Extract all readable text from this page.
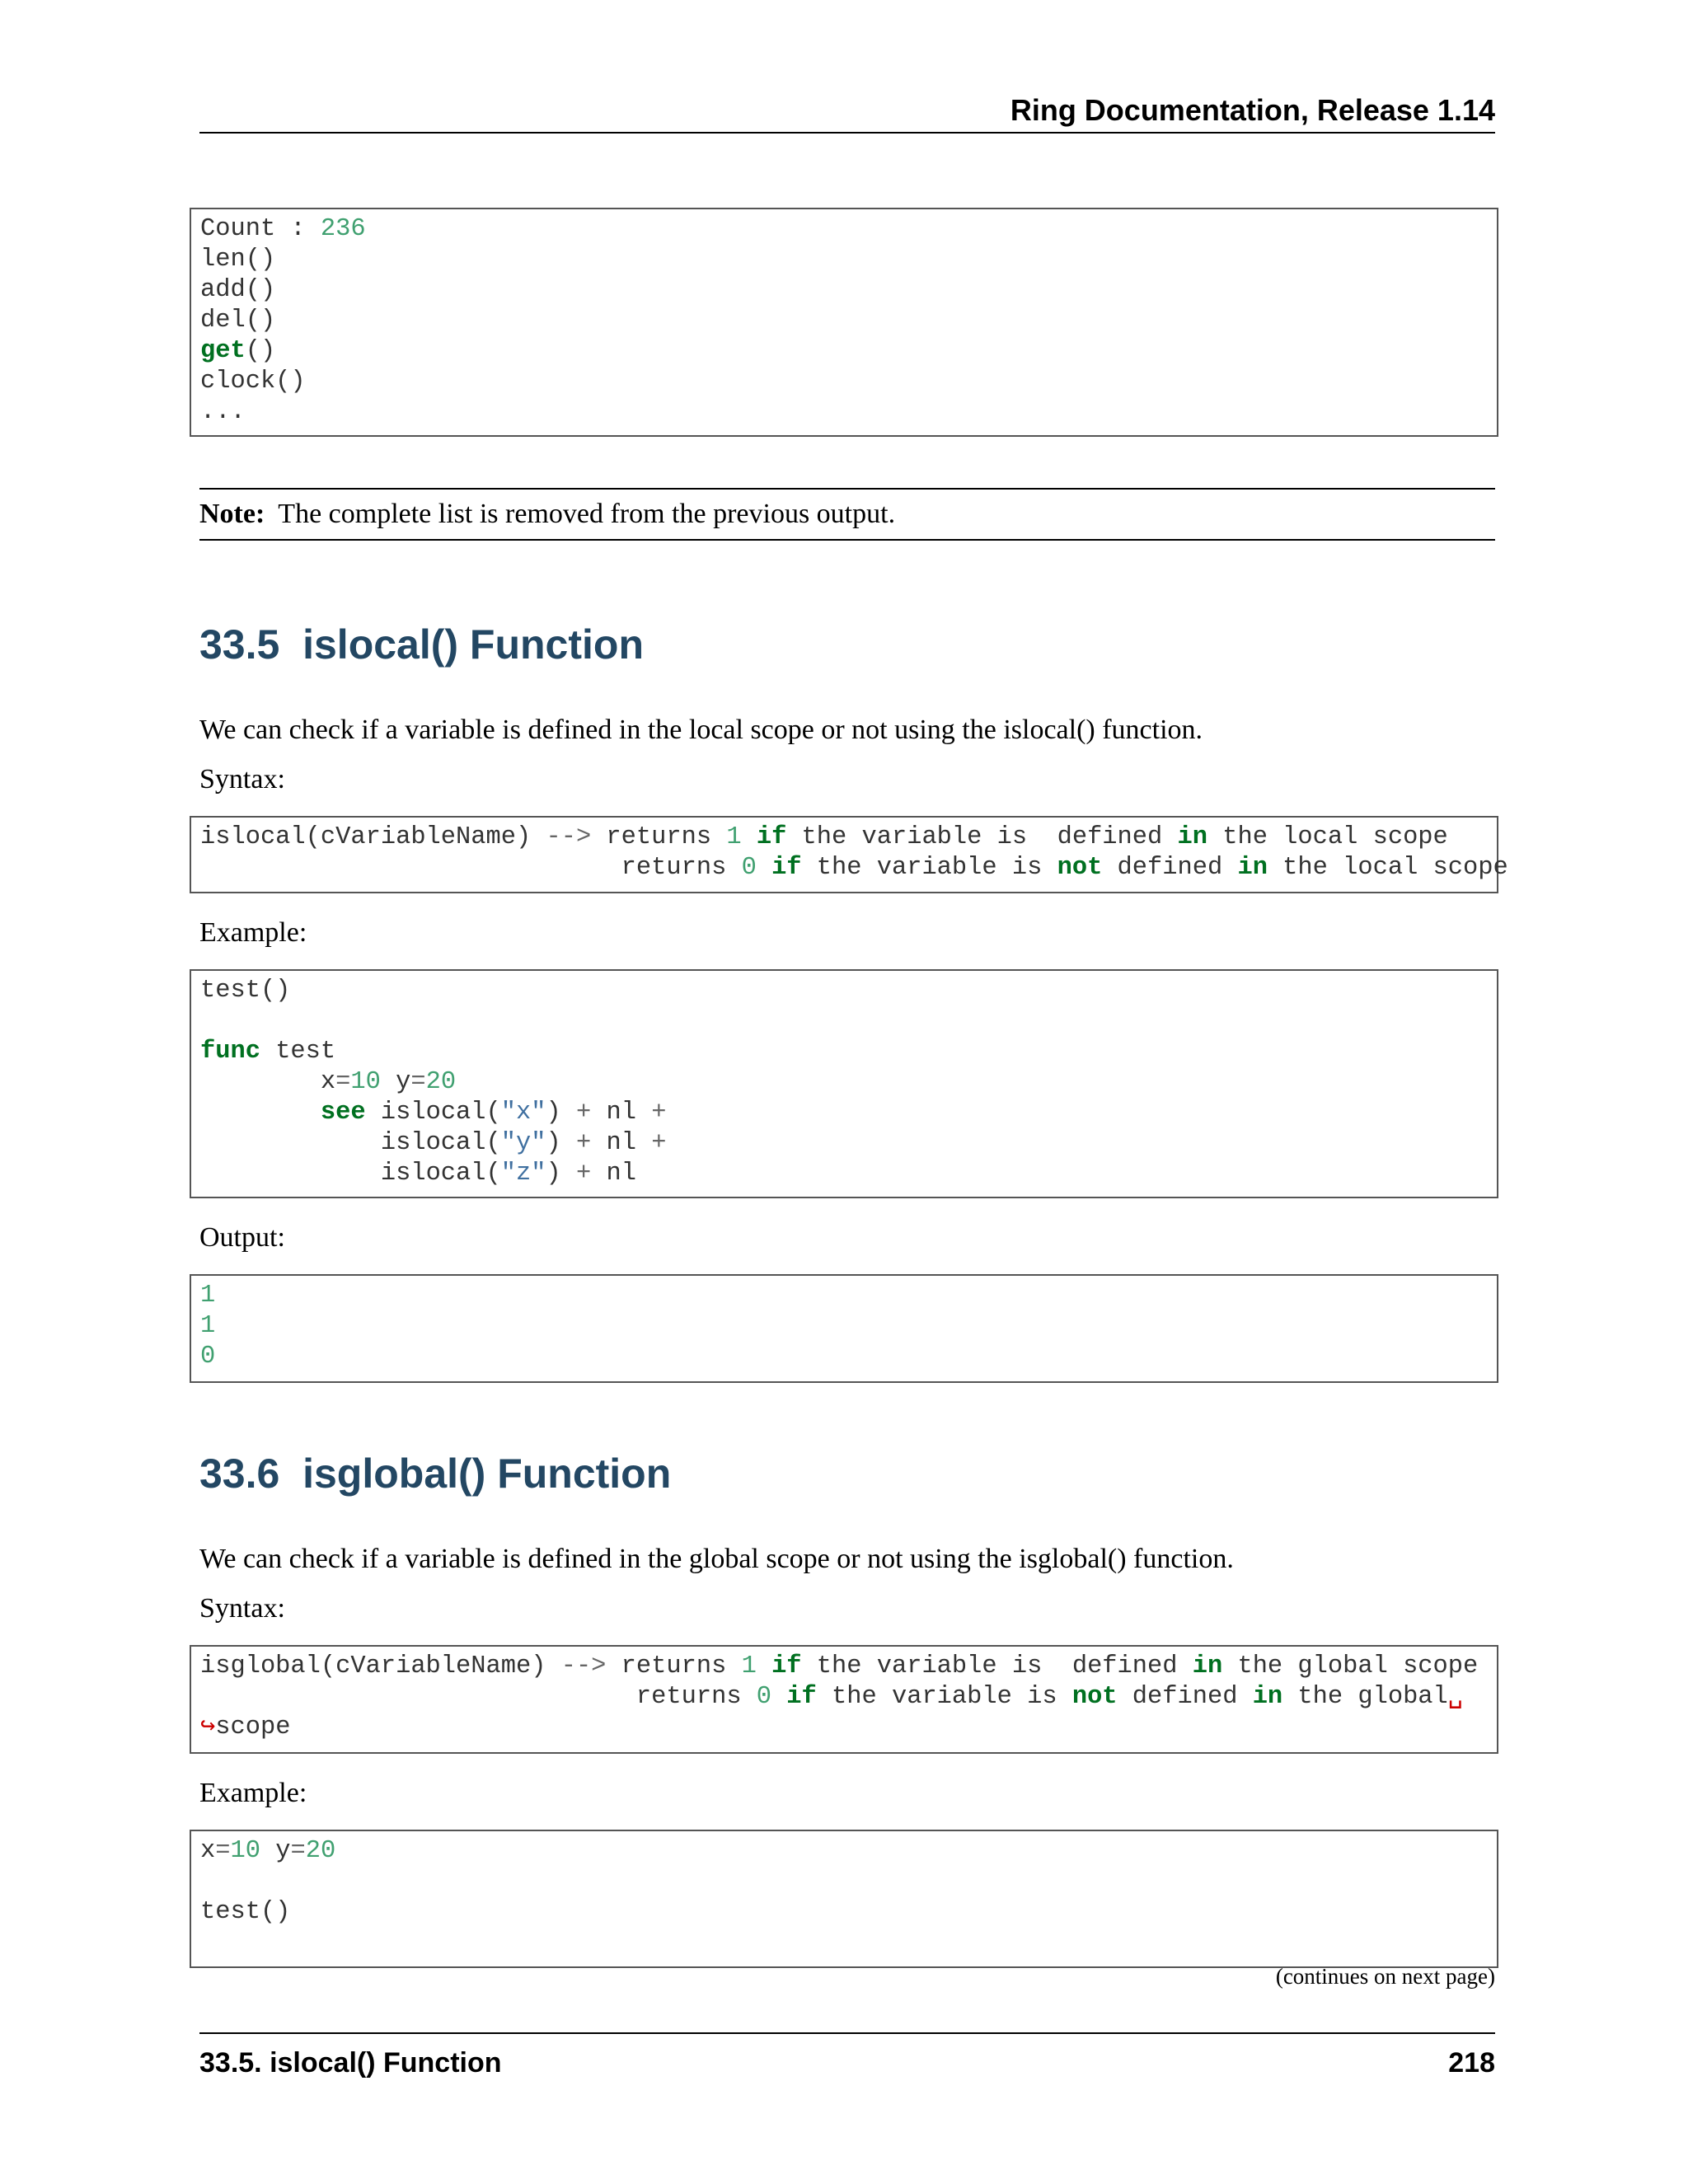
Ring Documentation, Release 1.14
Count : 236
len()
add()
del()
get()
clock()
...
Note: The complete list is removed from the previous output.
33.5  islocal() Function

We can check if a variable is defined in the local scope or not using the islocal() function.

Syntax:

islocal(cVariableName) --> returns 1 if the variable is  defined in the local scope
returns 0 if the variable is not defined in the local scope

Example:

test()
func test
x=10 y=20
see islocal("x") + nl +
islocal("y") + nl +
islocal("z") + nl

Output:

1
1
0
33.6  isglobal() Function

We can check if a variable is defined in the global scope or not using the isglobal() function.

Syntax:

isglobal(cVariableName) --> returns 1 if the variable is  defined in the global scope
returns 0 if the variable is not defined in the global␣
↪scope

Example:

x=10 y=20
test()
(continues on next page)
33.5. islocal() Function	218
